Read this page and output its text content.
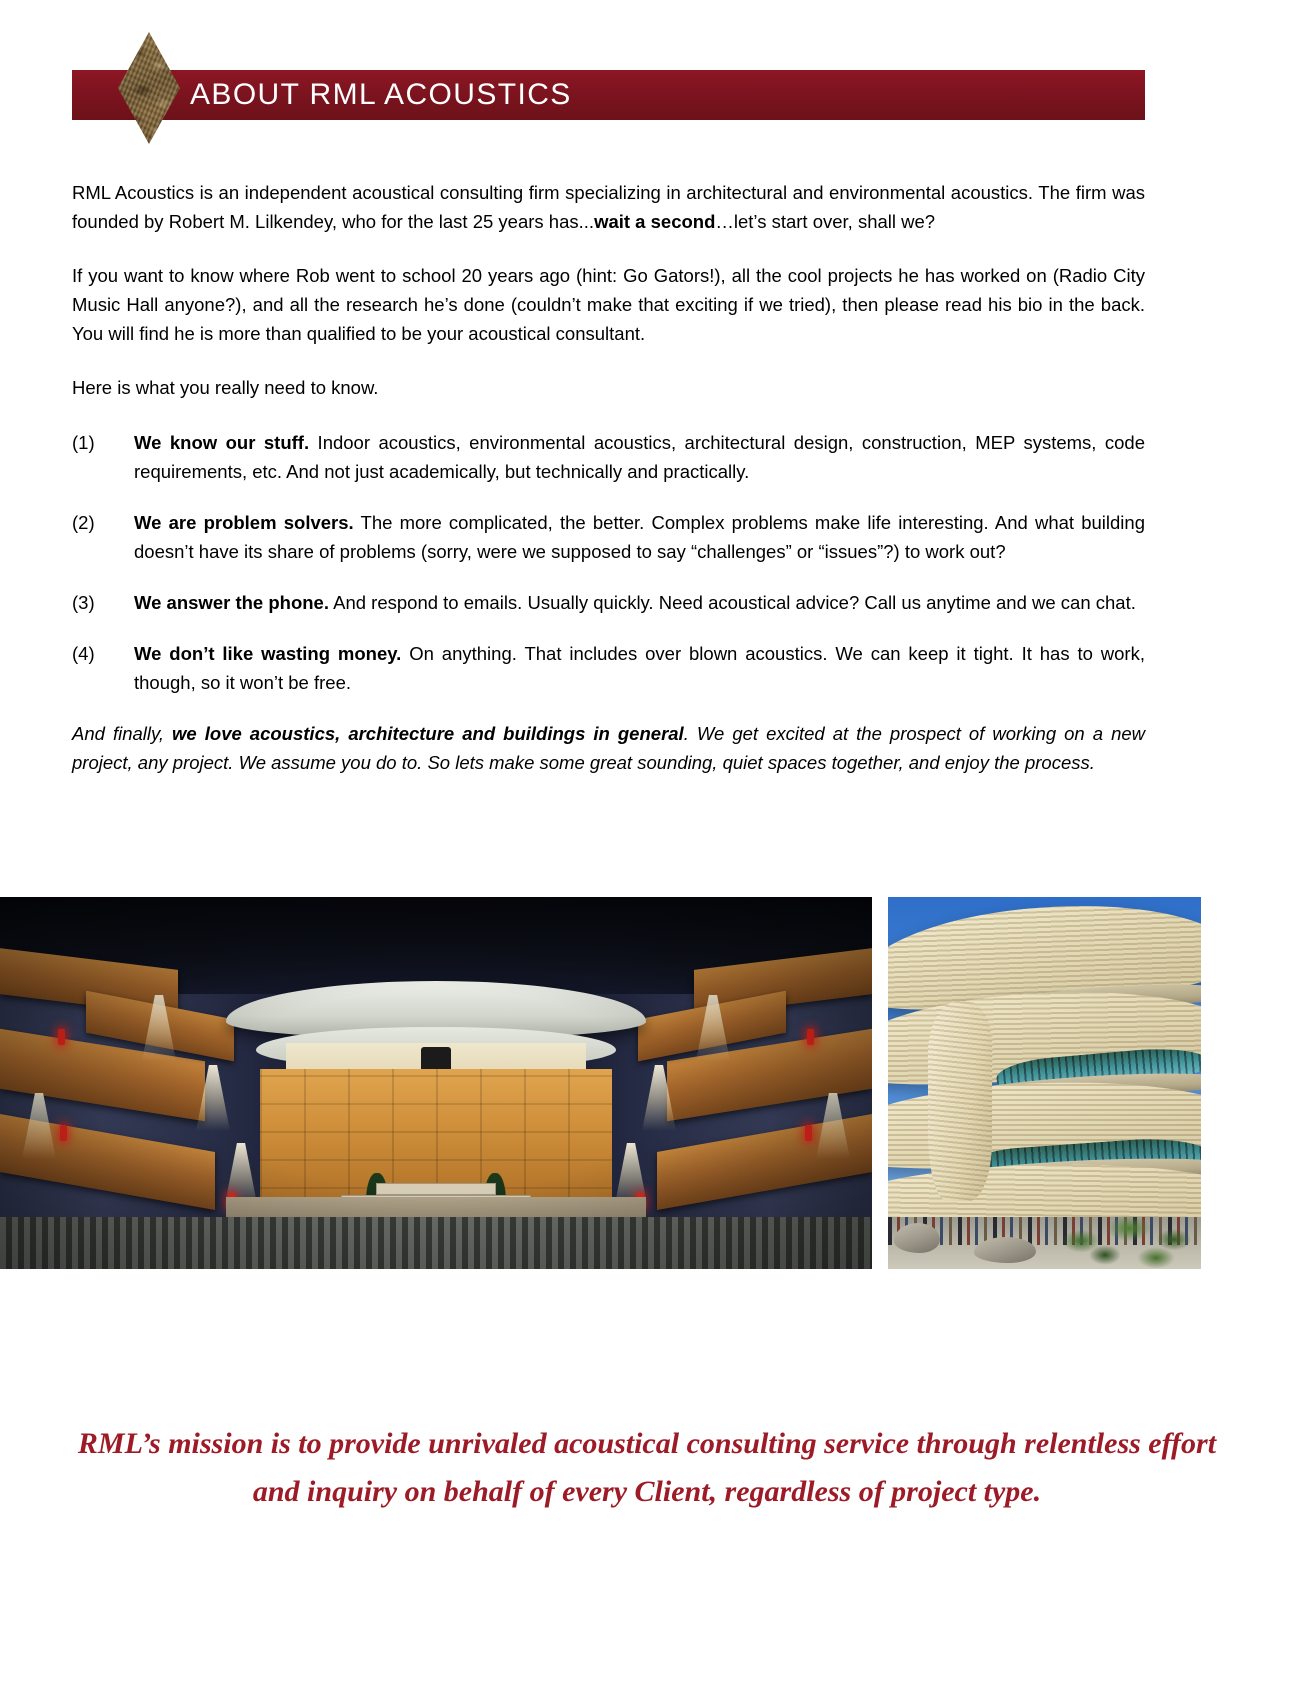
ABOUT RML ACOUSTICS

RML Acoustics is an independent acoustical consulting firm specializing in architectural and environmental acoustics. The firm was founded by Robert M. Lilkendey, who for the last 25 years has...wait a second…let’s start over, shall we?

If you want to know where Rob went to school 20 years ago (hint: Go Gators!), all the cool projects he has worked on (Radio City Music Hall anyone?), and all the research he’s done (couldn’t make that exciting if we tried), then please read his bio in the back. You will find he is more than qualified to be your acoustical consultant.

Here is what you really need to know.

(1)	We know our stuff. Indoor acoustics, environmental acoustics, architectural design, construction, MEP systems, code requirements, etc. And not just academically, but technically and practically.
(2)	We are problem solvers. The more complicated, the better. Complex problems make life interesting. And what building doesn’t have its share of problems (sorry, were we supposed to say “challenges” or “issues”?) to work out?
(3)	We answer the phone. And respond to emails. Usually quickly. Need acoustical advice? Call us anytime and we can chat.
(4)	We don’t like wasting money. On anything. That includes over blown acoustics. We can keep it tight. It has to work, though, so it won’t be free.

And finally, we love acoustics, architecture and buildings in general. We get excited at the prospect of working on a new project, any project. We assume you do to. So lets make some great sounding, quiet spaces together, and enjoy the process.

RML’s mission is to provide unrivaled acoustical consulting service through relentless effort
and inquiry on behalf of every Client, regardless of project type.
